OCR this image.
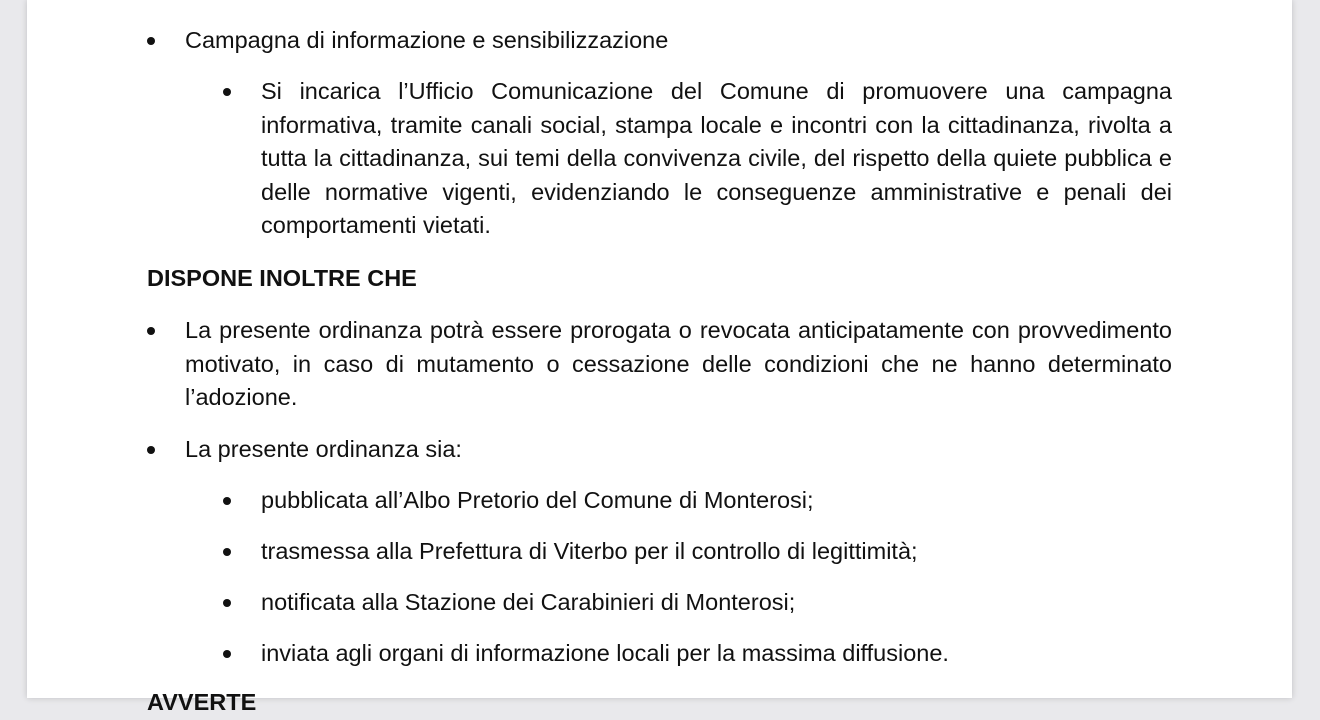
Campagna di informazione e sensibilizzazione
Si incarica l’Ufficio Comunicazione del Comune di promuovere una campagna informativa, tramite canali social, stampa locale e incontri con la cittadinanza, rivolta a tutta la cittadinanza, sui temi della convivenza civile, del rispetto della quiete pubblica e delle normative vigenti, evidenziando le conseguenze amministrative e penali dei comportamenti vietati.
DISPONE INOLTRE CHE
La presente ordinanza potrà essere prorogata o revocata anticipatamente con provvedimento motivato, in caso di mutamento o cessazione delle condizioni che ne hanno determinato l’adozione.
La presente ordinanza sia:
pubblicata all’Albo Pretorio del Comune di Monterosi;
trasmessa alla Prefettura di Viterbo per il controllo di legittimità;
notificata alla Stazione dei Carabinieri di Monterosi;
inviata agli organi di informazione locali per la massima diffusione.
AVVERTE
